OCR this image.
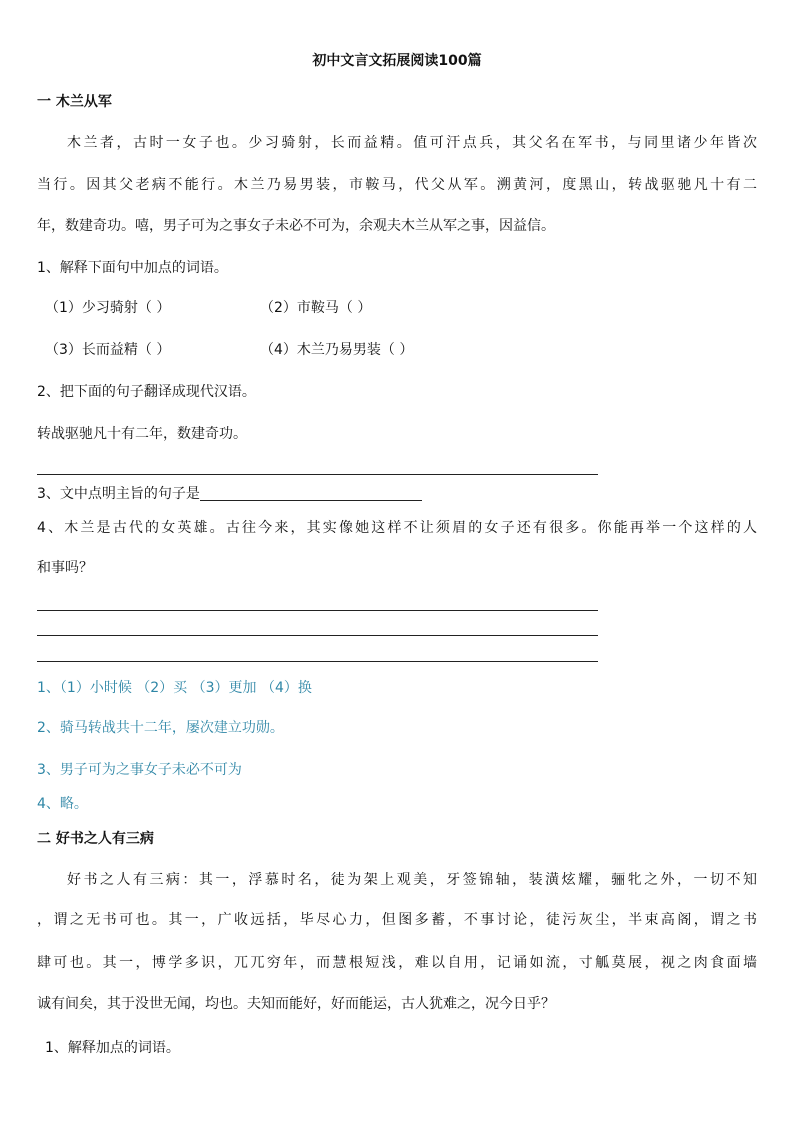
初中文言文拓展阅读100篇
一 木兰从军
木兰者，古时一女子也。少习骑射，长而益精。值可汗点兵，其父名在军书，与同里诸少年皆次
当行。因其父老病不能行。木兰乃易男装，市鞍马，代父从军。溯黄河，度黑山，转战驱驰凡十有二
年，数建奇功。嘻，男子可为之事女子未必不可为，余观夫木兰从军之事，因益信。
1、解释下面句中加点的词语。
（1）少习骑射（ ）	（2）市鞍马（ ）
（3）长而益精（ ）	（4）木兰乃易男装（ ）
2、把下面的句子翻译成现代汉语。
转战驱驰凡十有二年，数建奇功。
3、文中点明主旨的句子是
4、木兰是古代的女英雄。古往今来，其实像她这样不让须眉的女子还有很多。你能再举一个这样的人
和事吗？
1、（1）小时候 （2）买 （3）更加 （4）换
2、骑马转战共十二年，屡次建立功勋。
3、男子可为之事女子未必不可为
4、略。
二 好书之人有三病
好书之人有三病：其一，浮慕时名，徒为架上观美，牙签锦轴，装潢炫耀，骊牝之外，一切不知
，谓之无书可也。其一，广收远括，毕尽心力，但图多蓄，不事讨论，徒污灰尘，半束高阁，谓之书
肆可也。其一，博学多识，兀兀穷年，而慧根短浅，难以自用，记诵如流，寸觚莫展，视之肉食面墙
诚有间矣，其于没世无闻，均也。夫知而能好，好而能运，古人犹难之，况今日乎？
1、解释加点的词语。
